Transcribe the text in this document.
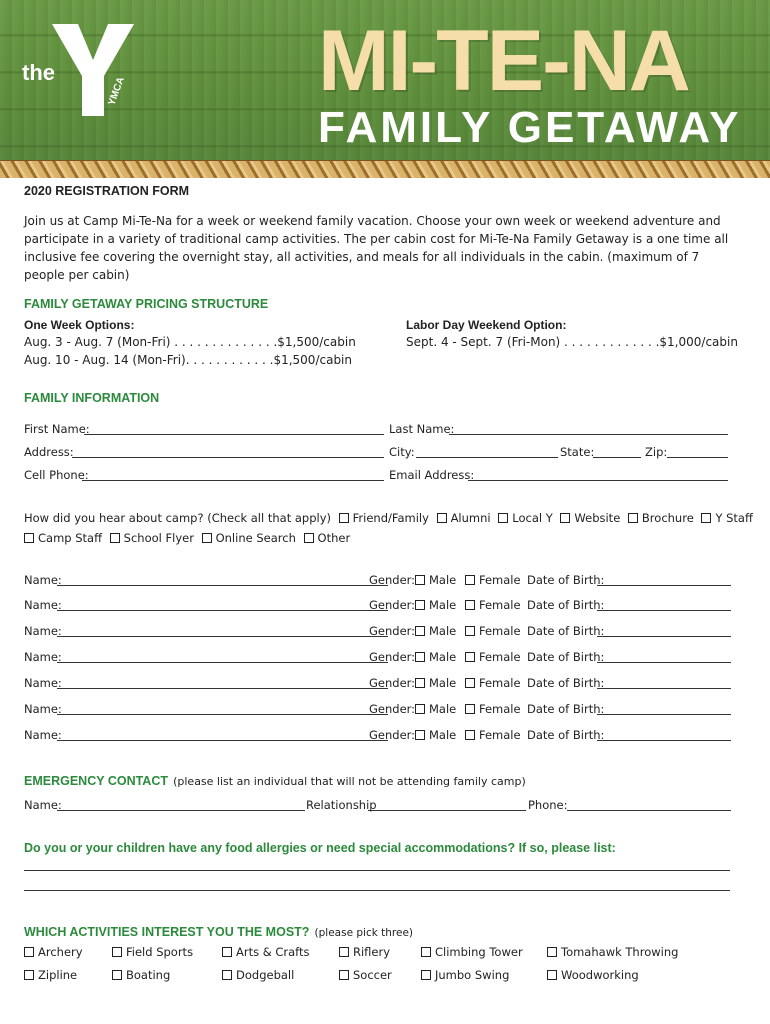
YMCA
the	MI-TE-NA
FAMILY GETAWAY
2020 REGISTRATION FORM
Join us at Camp Mi-Te-Na for a week or weekend family vacation. Choose your own week or weekend adventure and participate in a variety of traditional camp activities. The per cabin cost for Mi-Te-Na Family Getaway is a one time all inclusive fee covering the overnight stay, all activities, and meals for all individuals in the cabin. (maximum of 7 people per cabin)
FAMILY GETAWAY PRICING STRUCTURE
One Week Options:
Aug. 3 - Aug. 7 (Mon-Fri) . . . . . . . . . . . . . .$1,500/cabin
Aug. 10 - Aug. 14 (Mon-Fri). . . . . . . . . . . .$1,500/cabin
Labor Day Weekend Option:
Sept. 4 - Sept. 7 (Fri-Mon) . . . . . . . . . . . . .$1,000/cabin
FAMILY INFORMATION
First Name:	Last Name:
Address:	City:	State:	Zip:
Cell Phone:	Email Address:
How did you hear about camp? (Check all that apply) Friend/Family Alumni Local Y Website Brochure Y Staff
Camp Staff School Flyer Online Search Other
Name:	Gender:	Male	Female Date of Birth:
Name:	Gender:	Male	Female Date of Birth:
Name:	Gender:	Male	Female Date of Birth:
Name:	Gender:	Male	Female Date of Birth:
Name:	Gender:	Male	Female Date of Birth:
Name:	Gender:	Male	Female Date of Birth:
Name:	Gender:	Male	Female Date of Birth:
EMERGENCY CONTACT (please list an individual that will not be attending family camp)
Name:	Relationship	Phone:
Do you or your children have any food allergies or need special accommodations? If so, please list:
WHICH ACTIVITIES INTEREST YOU THE MOST? (please pick three)
Archery	Field Sports	Arts & Crafts	Riflery	Climbing Tower	Tomahawk Throwing
Zipline	Boating	Dodgeball	Soccer	Jumbo Swing	Woodworking
